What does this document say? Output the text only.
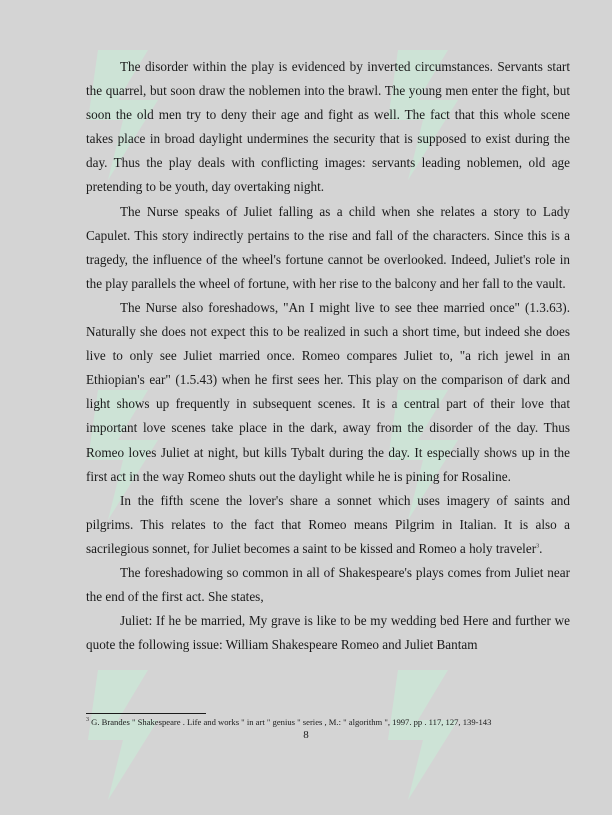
The disorder within the play is evidenced by inverted circumstances. Servants start the quarrel, but soon draw the noblemen into the brawl. The young men enter the fight, but soon the old men try to deny their age and fight as well. The fact that this whole scene takes place in broad daylight undermines the security that is supposed to exist during the day. Thus the play deals with conflicting images: servants leading noblemen, old age pretending to be youth, day overtaking night.

The Nurse speaks of Juliet falling as a child when she relates a story to Lady Capulet. This story indirectly pertains to the rise and fall of the characters. Since this is a tragedy, the influence of the wheel's fortune cannot be overlooked. Indeed, Juliet's role in the play parallels the wheel of fortune, with her rise to the balcony and her fall to the vault.

The Nurse also foreshadows, "An I might live to see thee married once" (1.3.63). Naturally she does not expect this to be realized in such a short time, but indeed she does live to only see Juliet married once. Romeo compares Juliet to, "a rich jewel in an Ethiopian's ear" (1.5.43) when he first sees her. This play on the comparison of dark and light shows up frequently in subsequent scenes. It is a central part of their love that important love scenes take place in the dark, away from the disorder of the day. Thus Romeo loves Juliet at night, but kills Tybalt during the day. It especially shows up in the first act in the way Romeo shuts out the daylight while he is pining for Rosaline.

In the fifth scene the lover's share a sonnet which uses imagery of saints and pilgrims. This relates to the fact that Romeo means Pilgrim in Italian. It is also a sacrilegious sonnet, for Juliet becomes a saint to be kissed and Romeo a holy traveler$^3$.

The foreshadowing so common in all of Shakespeare's plays comes from Juliet near the end of the first act. She states,

Juliet: If he be married, My grave is like to be my wedding bed Here and further we quote the following issue: William Shakespeare Romeo and Juliet Bantam

$^3$ G. Brandes " Shakespeare . Life and works " in art " genius " series , M.: " algorithm ", 1997. pp . 117, 127, 139-143
8
